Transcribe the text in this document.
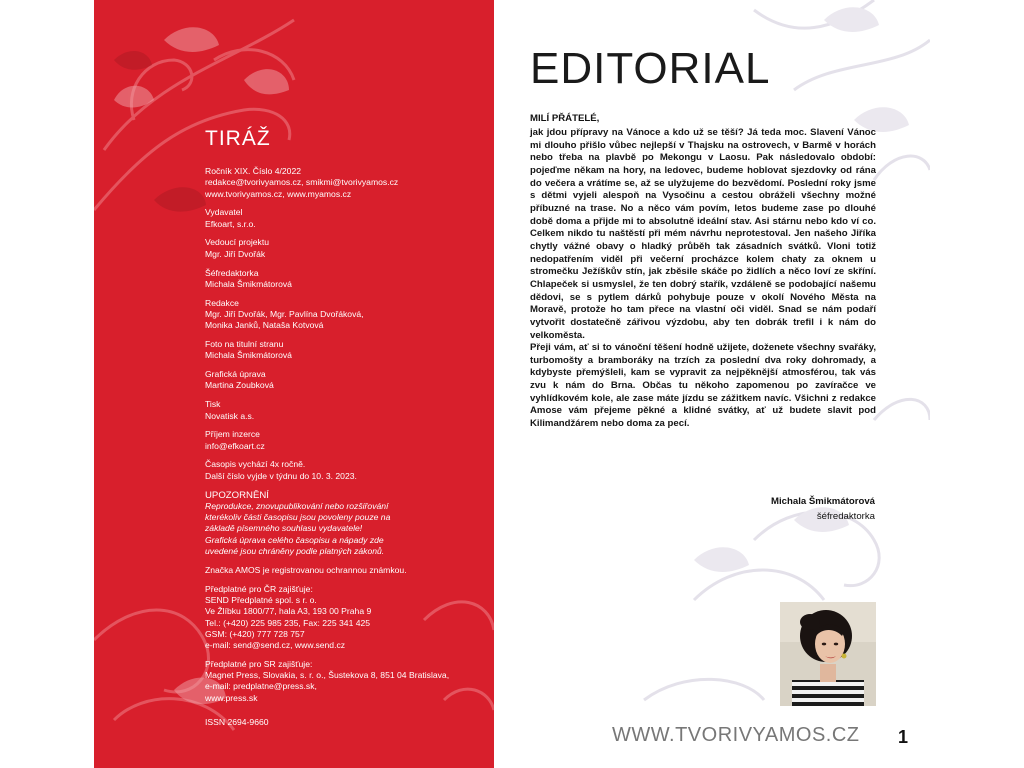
TIRÁŽ

Ročník XIX. Číslo 4/2022

redakce@tvorivyamos.cz, smikmi@tvorivyamos.cz

www.tvorivyamos.cz, www.myamos.cz

Vydavatel

Efkoart, s.r.o.

Vedoucí projektu

Mgr. Jiří Dvořák

Šéfredaktorka

Michala Šmikmátorová

Redakce

Mgr. Jiří Dvořák, Mgr. Pavlína Dvořáková,

Monika Janků, Nataša Kotvová

Foto na titulní stranu

Michala Šmikmátorová

Grafická úprava

Martina Zoubková

Tisk

Novatisk a.s.

Příjem inzerce

info@efkoart.cz

Časopis vychází 4x ročně.

Další číslo vyjde v týdnu do 10. 3. 2023.

UPOZORNĚNÍ

Reprodukce, znovupublikování nebo rozšiřování

kterékoliv části časopisu jsou povoleny pouze na

základě písemného souhlasu vydavatele!

Grafická úprava celého časopisu a nápady zde

uvedené jsou chráněny podle platných zákonů.

Značka AMOS je registrovanou ochrannou známkou.

Předplatné pro ČR zajišťuje:

SEND Předplatné spol. s r. o.

Ve Žlíbku 1800/77, hala A3, 193 00 Praha 9

Tel.: (+420) 225 985 235, Fax: 225 341 425

GSM: (+420) 777 728 757

e-mail: send@send.cz, www.send.cz

Předplatné pro SR zajišťuje:

Magnet Press, Slovakia, s. r. o., Šustekova 8, 851 04 Bratislava,

e-mail: predplatne@press.sk,

www.press.sk

ISSN 2694-9660

EDITORIAL
MILÍ PŘÁTELÉ,

jak jdou přípravy na Vánoce a kdo už se těší? Já teda moc. Slavení Vánoc mi dlouho přišlo vůbec nejlepší v Thajsku na ostrovech, v Barmě v horách nebo třeba na plavbě po Mekongu v Laosu. Pak následovalo období: pojeďme někam na hory, na ledovec, budeme hoblovat sjezdovky od rána do večera a vrátíme se, až se ulyžujeme do bezvědomí. Poslední roky jsme s dětmi vyjeli alespoň na Vysočinu a cestou obráželi všechny možné příbuzné na trase. No a něco vám povím, letos budeme zase po dlouhé době doma a přijde mi to absolutně ideální stav. Asi stárnu nebo kdo ví co. Celkem nikdo tu naštěstí při mém návrhu neprotestoval. Jen našeho Jiříka chytly vážné obavy o hladký průběh tak zásadních svátků. Vloni totiž nedopatřením viděl při večerní procházce kolem chaty za oknem u stromečku Ježíškův stín, jak zběsile skáče po židlích a něco loví ze skříní. Chlapeček si usmyslel, že ten dobrý stařík, vzdáleně se podobající našemu dědovi, se s pytlem dárků pohybuje pouze v okolí Nového Města na Moravě, protože ho tam přece na vlastní oči viděl. Snad se nám podaří vytvořit dostatečně zářivou výzdobu, aby ten dobrák trefil i k nám do velkoměsta.

Přeji vám, ať si to vánoční těšení hodně užijete, doženete všechny svařáky, turbomošty a bramboráky na trzích za poslední dva roky dohromady, a kdybyste přemýšleli, kam se vypravit za nejpěknější atmosférou, tak vás zvu k nám do Brna. Občas tu někoho zapomenou po zavíračce ve vyhlídkovém kole, ale zase máte jízdu se zážitkem navíc. Všichni z redakce Amose vám přejeme pěkné a klidné svátky, ať už budete slavit pod Kilimandžárem nebo doma za pecí.

Michala Šmikmátorová
šéfredaktorka
WWW.TVORIVYAMOS.CZ 1
